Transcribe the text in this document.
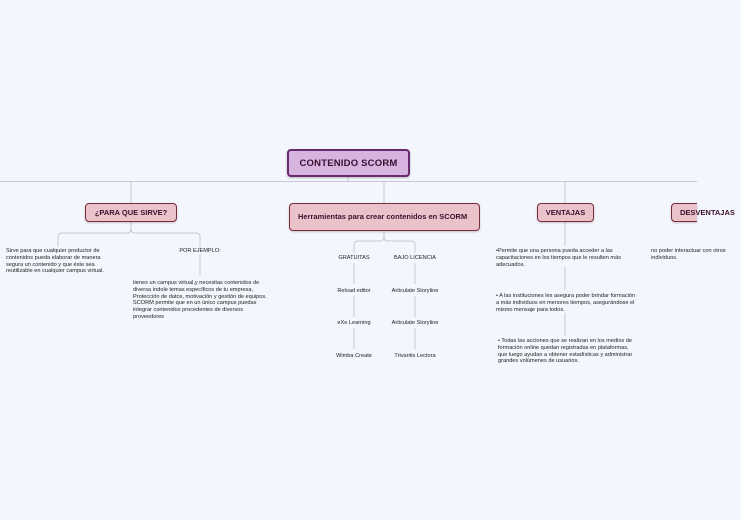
CONTENIDO SCORM
¿PARA QUE SIRVE?
Sirve para que cualquier productor de contenidos pueda elaborar de manera segura un contenido y que éste sea reutilizable en cualquier campus virtual.
POR EJEMPLO:
tienes un campus virtual,y necesitas contenidos de diversa índole temas específicos de tu empresa, Protección de datos, motivación y gestión de equipos. SCORM permite que en un único campus puedas integrar contenidos procedentes de diversos proveedores
Herramientas para crear contenidos en SCORM
GRATUITAS	BAJO LICENCIA
Reload editor
eXe Learning
Wimba Create
Articulate Storyline
Articulate Storyline
Trivantis Lectora
VENTAJAS
•Permite que una persona pueda acceder a las capacitaciones en los tiempos que le resulten más adecuados.
• A las instituciones les asegura poder brindar formación a más individuos en menores tiempos, asegurándose el mismo mensaje para todos.
• Todas las acciones que se realizan en los medios de formación online quedan registradas en plataformas, que luego ayudan a obtener estadísticas y administrar grandes volúmenes de usuarios.
DESVENTAJAS
no poder interactuar con otros individuos.
